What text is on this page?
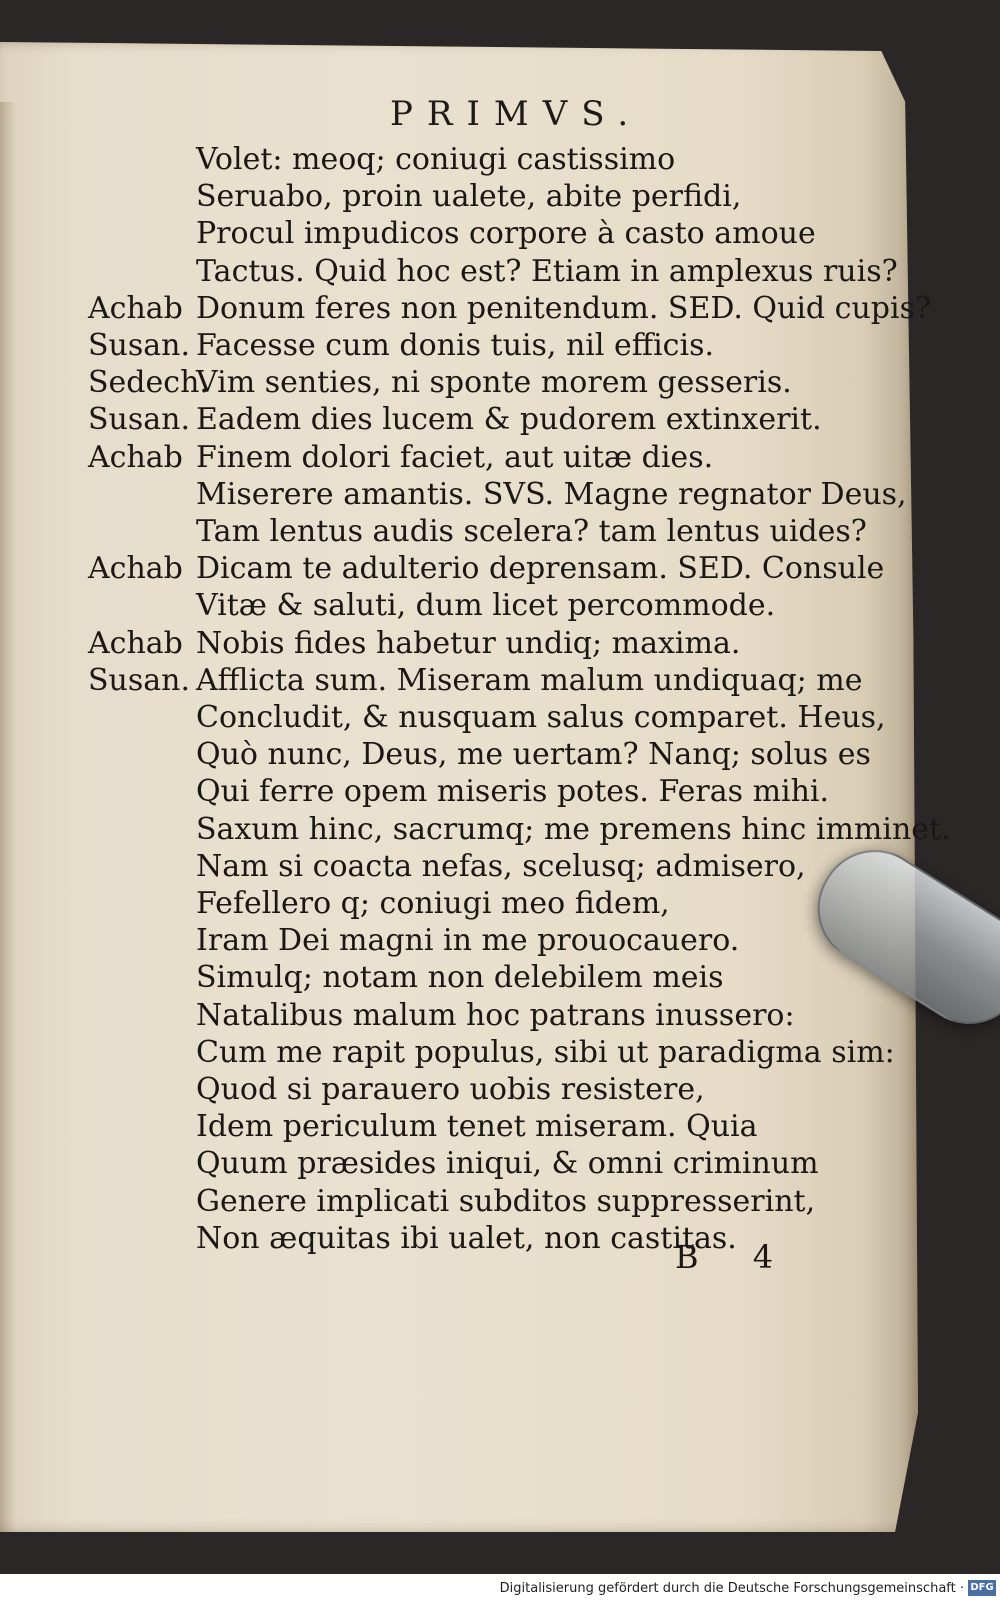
PRIMVS.
Volet: meoq; coniugi castissimo
Seruabo, proin ualete, abite perfidi,
Procul impudicos corpore à casto amoue
Tactus. Quid hoc est? Etiam in amplexus ruis?
Achab Donum feres non penitendum. SED. Quid cupis?
Susan. Facesse cum donis tuis, nil efficis.
Sedech.
Vim senties, ni sponte morem gesseris.
Susan. Eadem dies lucem & pudorem extinxerit.
Achab Finem dolori faciet, aut uitæ dies.
Miserere amantis. SVS. Magne regnator Deus,
Tam lentus audis scelera? tam lentus uides?
Achab Dicam te adulterio deprensam. SED. Consule
Vitæ & saluti, dum licet percommode.
Achab Nobis fides habetur undiq; maxima.
Susan. Afflicta sum. Miseram malum undiquaq; me
Concludit, & nusquam salus comparet. Heus,
Quò nunc, Deus, me uertam? Nanq; solus es
Qui ferre opem miseris potes. Feras mihi.
Saxum hinc, sacrumq; me premens hinc imminet.
Nam si coacta nefas, scelusq; admisero,
Fefellero q; coniugi meo fidem,
Iram Dei magni in me prouocauero.
Simulq; notam non delebilem meis
Natalibus malum hoc patrans inussero:
Cum me rapit populus, sibi ut paradigma sim:
Quod si parauero uobis resistere,
Idem periculum tenet miseram. Quia
Quum præsides iniqui, & omni criminum
Genere implicati subditos suppresserint,
Non æquitas ibi ualet, non castitas.
B 4
Digitalisierung gefördert durch die Deutsche Forschungsgemeinschaft · DFG
